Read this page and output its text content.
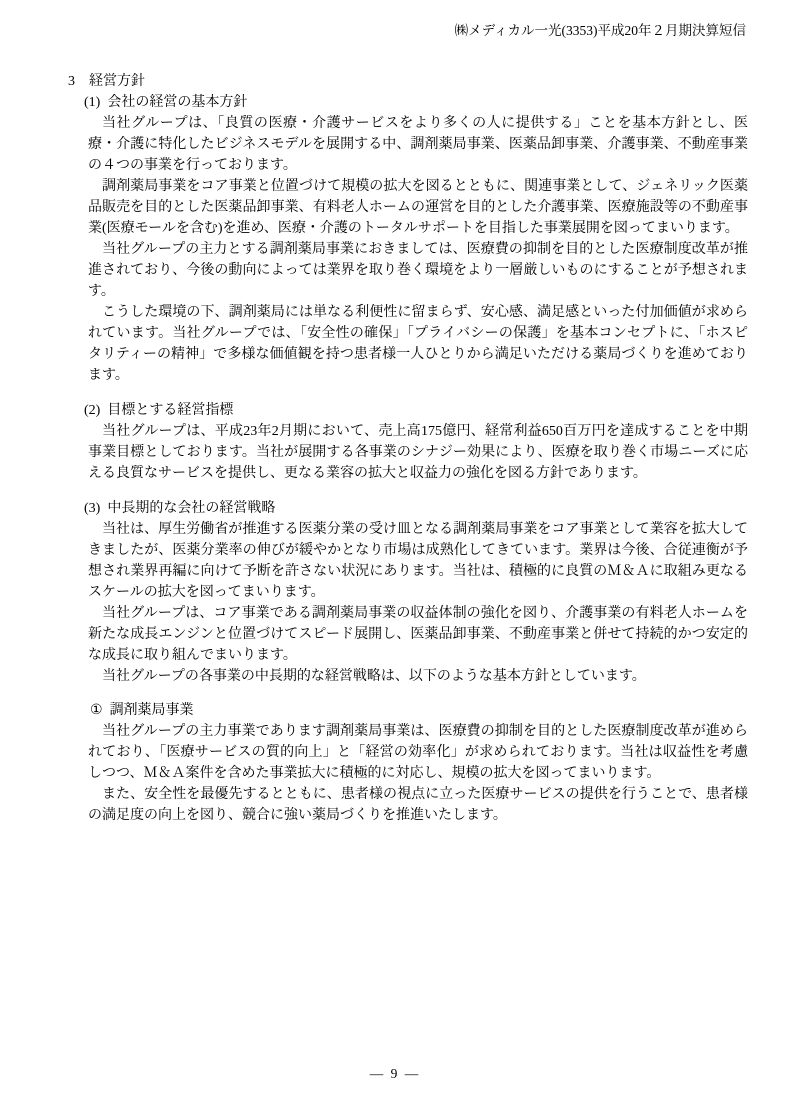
㈱メディカル一光(3353)平成20年２月期決算短信
3 経営方針
(1) 会社の経営の基本方針

当社グループは、「良質の医療・介護サービスをより多くの人に提供する」ことを基本方針とし、医療・介護に特化したビジネスモデルを展開する中、調剤薬局事業、医薬品卸事業、介護事業、不動産事業の４つの事業を行っております。

調剤薬局事業をコア事業と位置づけて規模の拡大を図るとともに、関連事業として、ジェネリック医薬品販売を目的とした医薬品卸事業、有料老人ホームの運営を目的とした介護事業、医療施設等の不動産事業(医療モールを含む)を進め、医療・介護のトータルサポートを目指した事業展開を図ってまいります。

当社グループの主力とする調剤薬局事業におきましては、医療費の抑制を目的とした医療制度改革が推進されており、今後の動向によっては業界を取り巻く環境をより一層厳しいものにすることが予想されます。

こうした環境の下、調剤薬局には単なる利便性に留まらず、安心感、満足感といった付加価値が求められています。当社グループでは、「安全性の確保」「プライバシーの保護」を基本コンセプトに、「ホスピタリティーの精神」で多様な価値観を持つ患者様一人ひとりから満足いただける薬局づくりを進めております。

(2) 目標とする経営指標

当社グループは、平成23年2月期において、売上高175億円、経常利益650百万円を達成することを中期事業目標としております。当社が展開する各事業のシナジー効果により、医療を取り巻く市場ニーズに応える良質なサービスを提供し、更なる業容の拡大と収益力の強化を図る方針であります。

(3) 中長期的な会社の経営戦略

当社は、厚生労働省が推進する医薬分業の受け皿となる調剤薬局事業をコア事業として業容を拡大してきましたが、医薬分業率の伸びが緩やかとなり市場は成熟化してきています。業界は今後、合従連衡が予想され業界再編に向けて予断を許さない状況にあります。当社は、積極的に良質のＭ＆Ａに取組み更なるスケールの拡大を図ってまいります。

当社グループは、コア事業である調剤薬局事業の収益体制の強化を図り、介護事業の有料老人ホームを新たな成長エンジンと位置づけてスピード展開し、医薬品卸事業、不動産事業と併せて持続的かつ安定的な成長に取り組んでまいります。

当社グループの各事業の中長期的な経営戦略は、以下のような基本方針としています。

① 調剤薬局事業

当社グループの主力事業であります調剤薬局事業は、医療費の抑制を目的とした医療制度改革が進められており、「医療サービスの質的向上」と「経営の効率化」が求められております。当社は収益性を考慮しつつ、Ｍ＆Ａ案件を含めた事業拡大に積極的に対応し、規模の拡大を図ってまいります。

また、安全性を最優先するとともに、患者様の視点に立った医療サービスの提供を行うことで、患者様の満足度の向上を図り、競合に強い薬局づくりを推進いたします。

― 9 ―
